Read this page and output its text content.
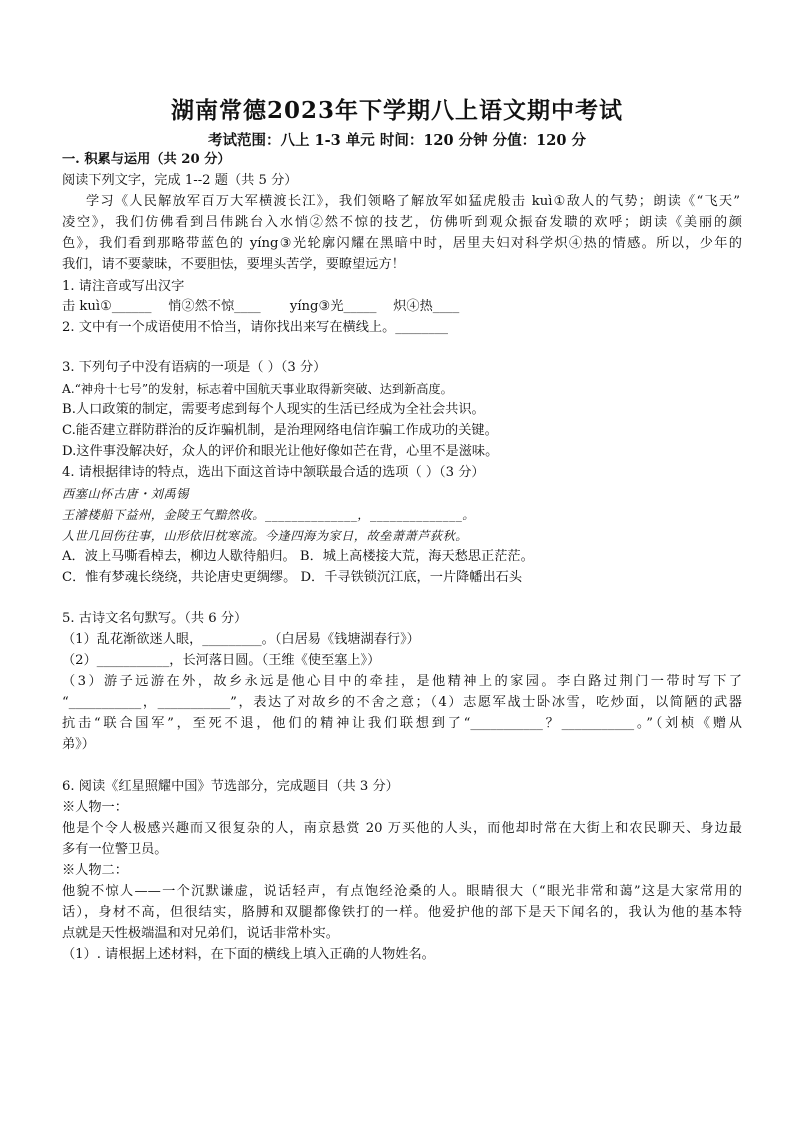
湖南常德2023年下学期八上语文期中考试
考试范围：八上 1-3 单元 时间：120 分钟 分值：120 分
一. 积累与运用（共 20 分）
阅读下列文字，完成 1--2 题（共 5 分）
学习《人民解放军百万大军横渡长江》，我们领略了解放军如猛虎般击 kuì①敌人的气势；朗读《“飞天”
凌空》，我们仿佛看到吕伟跳台入水悄②然不惊的技艺，仿佛听到观众振奋发聩的欢呼；朗读《美丽的颜
色》，我们看到那略带蓝色的 yíng③光轮廓闪耀在黑暗中时，居里夫妇对科学炽④热的情感。所以，少年的
我们，请不要蒙昧，不要胆怯，要埋头苦学，要瞭望远方！
1. 请注音或写出汉字
击 kuì①______    悄②然不惊____       yíng③光_____    炽④热____
2. 文中有一个成语使用不恰当，请你找出来写在横线上。________
3. 下列句子中没有语病的一项是（ ）（3 分）
A.“神舟十七号”的发射，标志着中国航天事业取得新突破、达到新高度。
B.人口政策的制定，需要考虑到每个人现实的生活已经成为全社会共识。
C.能否建立群防群治的反诈骗机制，是治理网络电信诈骗工作成功的关键。
D.这件事没解决好，众人的评价和眼光让他好像如芒在背，心里不是滋味。
4. 请根据律诗的特点，选出下面这首诗中颔联最合适的选项（ ）（3 分）
西塞山怀古唐・刘禹锡
王濬楼船下益州，金陵王气黯然收。______________，______________。
人世几回伤往事，山形依旧枕寒流。今逢四海为家日，故垒萧萧芦荻秋。
A．波上马嘶看棹去，柳边人歇待船归。 B．城上高楼接大荒，海天愁思正茫茫。
C．惟有梦魂长绕绕，共论唐史更绸缪。 D．千寻铁锁沉江底，一片降幡出石头
5. 古诗文名句默写。（共 6 分）
（1）乱花渐欲迷人眼，_________。（白居易《钱塘湖春行》）
（2）___________，长河落日圆。（王维《使至塞上》）
（3）游子远游在外，故乡永远是他心目中的牵挂，是他精神上的家园。李白路过荆门一带时写下了
“___________，___________”，表达了对故乡的不舍之意；（4）志愿军战士卧冰雪，吃炒面，以简陋的武器
抗击“联合国军”，至死不退，他们的精神让我们联想到了“___________？___________。”（刘桢《赠从
弟》）
6. 阅读《红星照耀中国》节选部分，完成题目（共 3 分）
※人物一：
他是个令人极感兴趣而又很复杂的人，南京悬赏 20 万买他的人头，而他却时常在大街上和农民聊天、身边最
多有一位警卫员。
※人物二：
他貌不惊人——一个沉默谦虚，说话轻声，有点饱经沧桑的人。眼睛很大（“眼光非常和蔼”这是大家常用的
话），身材不高，但很结实，胳膊和双腿都像铁打的一样。他爱护他的部下是天下闻名的，我认为他的基本特
点就是天性极端温和对兄弟们，说话非常朴实。
（1）. 请根据上述材料，在下面的横线上填入正确的人物姓名。
